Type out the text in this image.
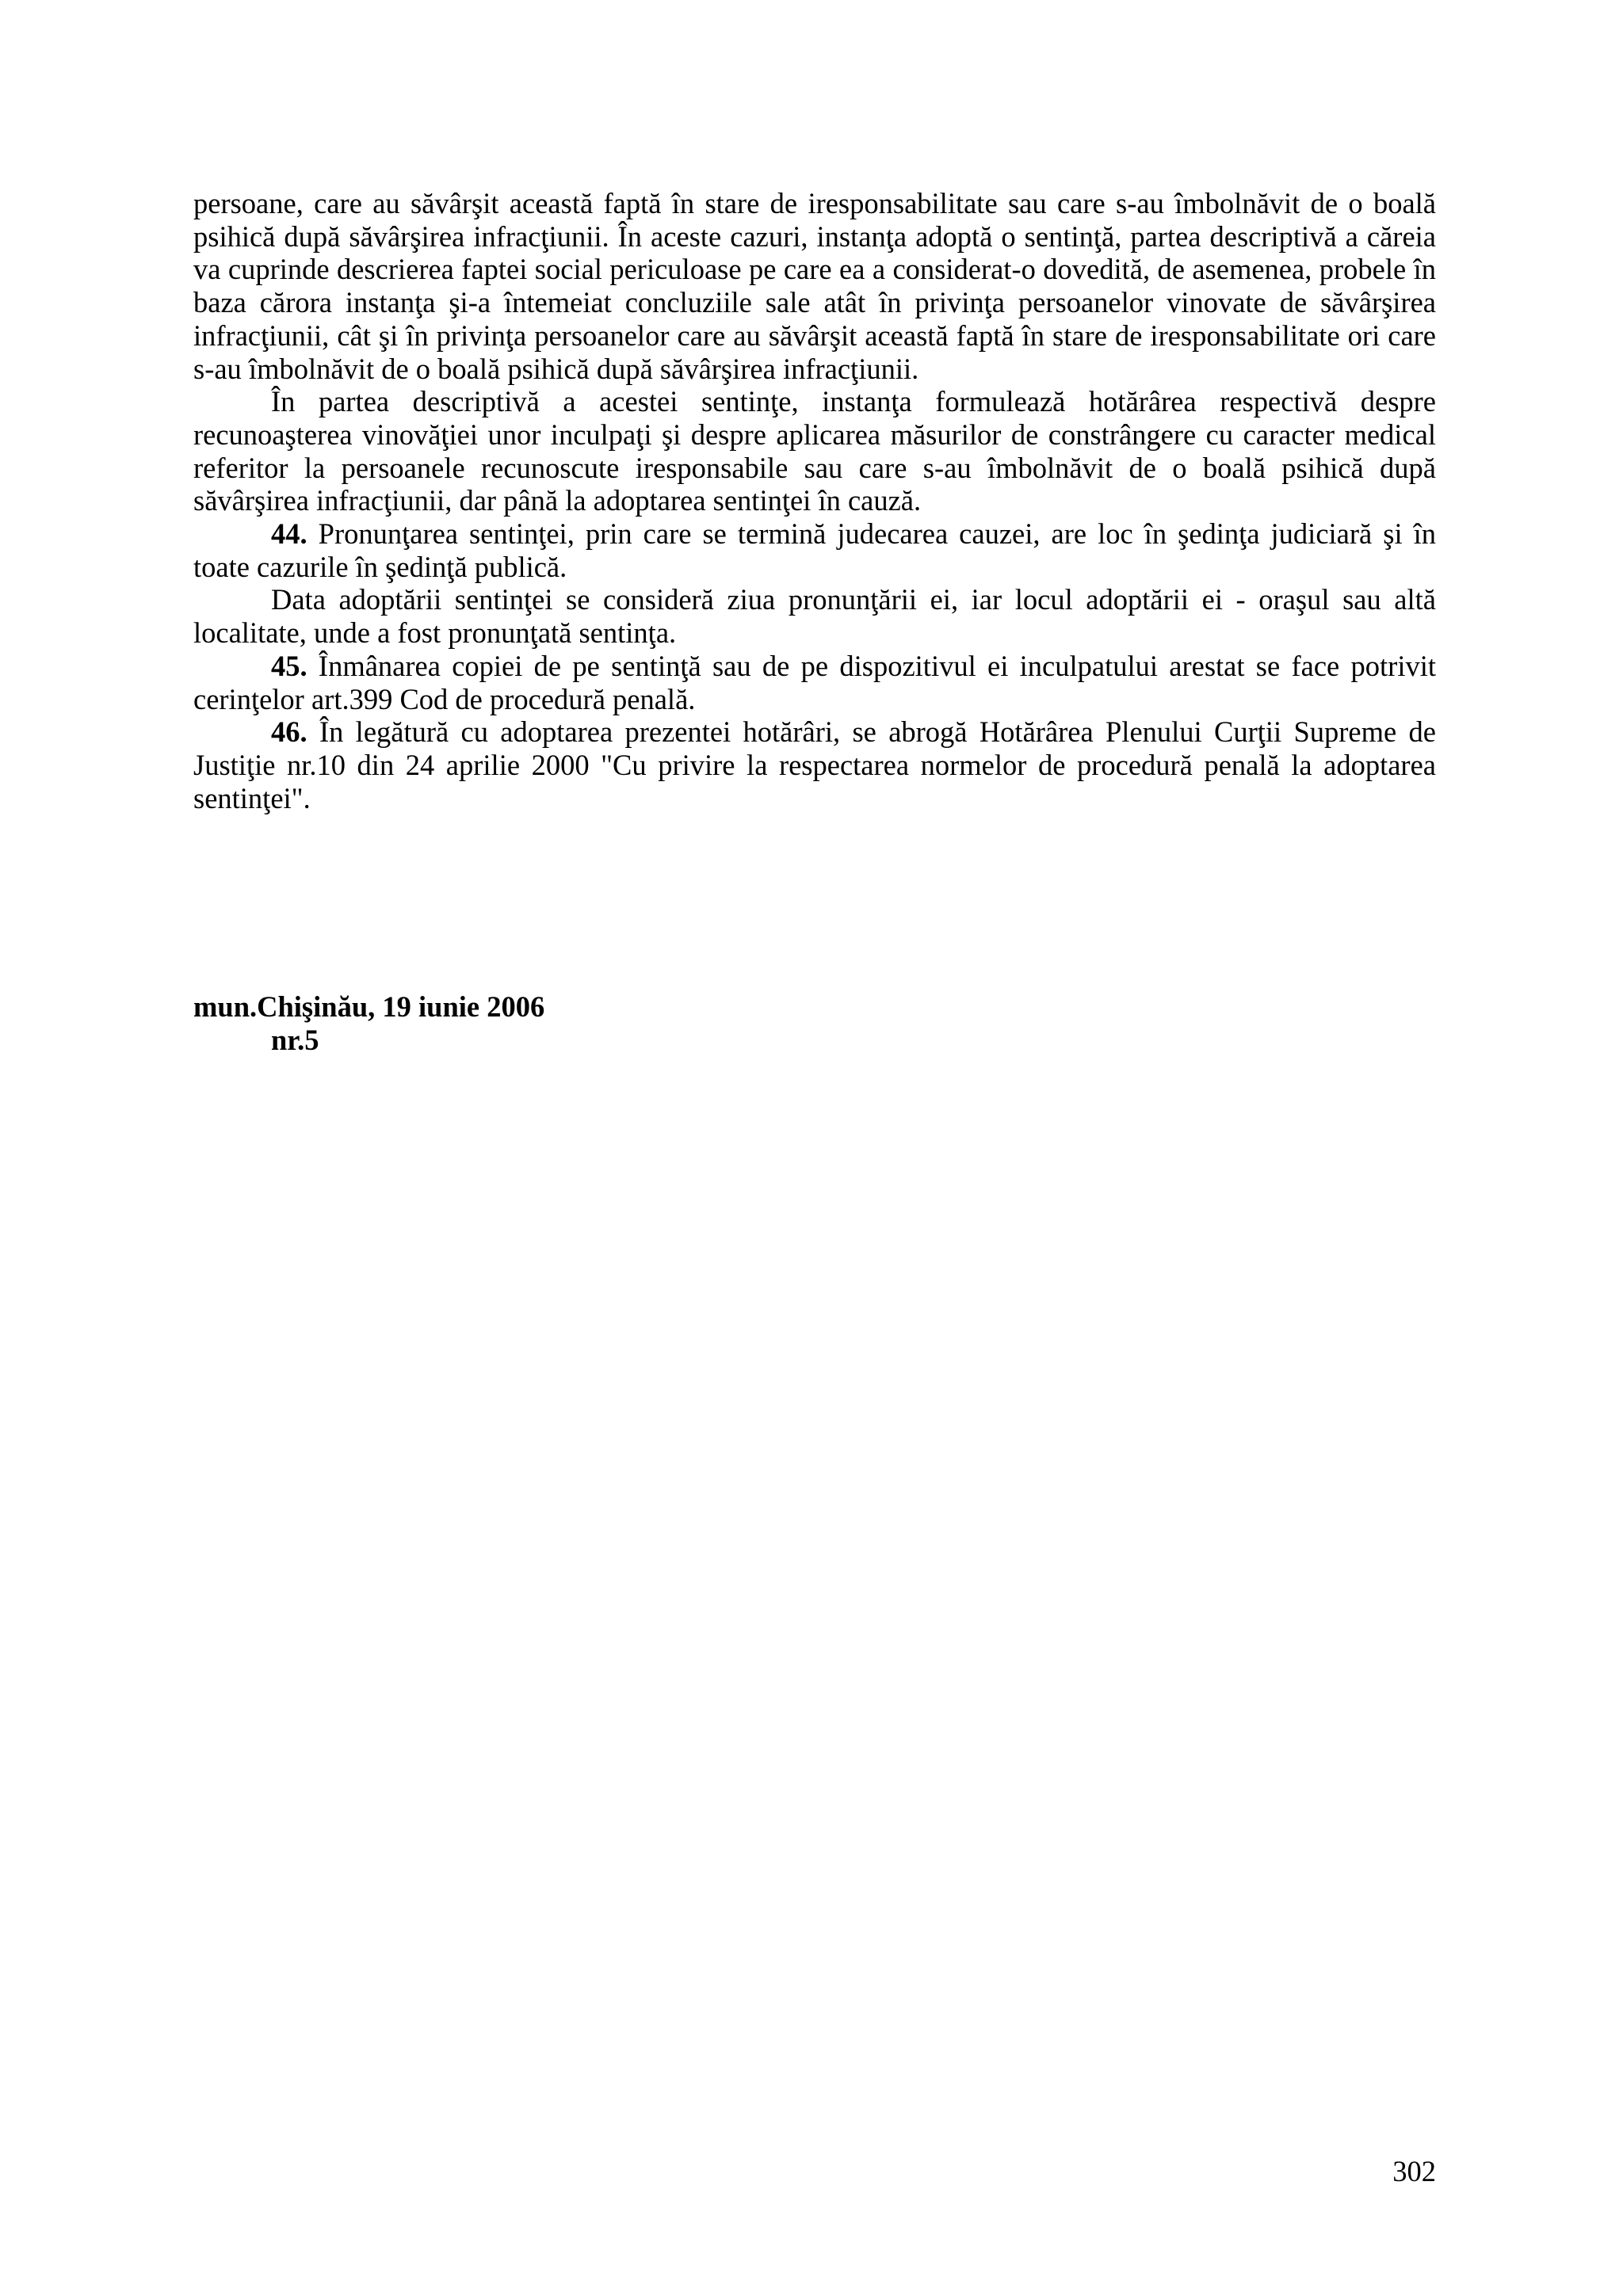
persoane, care au săvârşit această faptă în stare de iresponsabilitate sau care s-au îmbolnăvit de o boală psihică după săvârşirea infracţiunii. În aceste cazuri, instanţa adoptă o sentinţă, partea descriptivă a căreia va cuprinde descrierea faptei social periculoase pe care ea a considerat-o dovedită, de asemenea, probele în baza cărora instanţa şi-a întemeiat concluziile sale atât în privinţa persoanelor vinovate de săvârşirea infracţiunii, cât şi în privinţa persoanelor care au săvârşit această faptă în stare de iresponsabilitate ori care s-au îmbolnăvit de o boală psihică după săvârşirea infracţiunii.

În partea descriptivă a acestei sentinţe, instanţa formulează hotărârea respectivă despre recunoaşterea vinovăţiei unor inculpaţi şi despre aplicarea măsurilor de constrângere cu caracter medical referitor la persoanele recunoscute iresponsabile sau care s-au îmbolnăvit de o boală psihică după săvârşirea infracţiunii, dar până la adoptarea sentinţei în cauză.

44. Pronunţarea sentinţei, prin care se termină judecarea cauzei, are loc în şedinţa judiciară şi în toate cazurile în şedinţă publică.

Data adoptării sentinţei se consideră ziua pronunţării ei, iar locul adoptării ei - oraşul sau altă localitate, unde a fost pronunţată sentinţa.

45. Înmânarea copiei de pe sentinţă sau de pe dispozitivul ei inculpatului arestat se face potrivit cerinţelor art.399 Cod de procedură penală.

46. În legătură cu adoptarea prezentei hotărâri, se abrogă Hotărârea Plenului Curţii Supreme de Justiţie nr.10 din 24 aprilie 2000 "Cu privire la respectarea normelor de procedură penală la adoptarea sentinţei".

mun.Chişinău, 19 iunie 2006
nr.5
302
